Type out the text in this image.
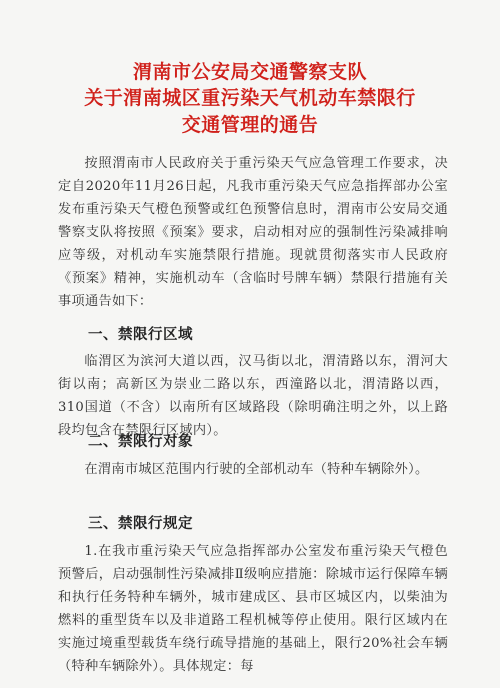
渭南市公安局交通警察支队
关于渭南城区重污染天气机动车禁限行
交通管理的通告
按照渭南市人民政府关于重污染天气应急管理工作要求，决定自2020年11月26日起，凡我市重污染天气应急指挥部办公室发布重污染天气橙色预警或红色预警信息时，渭南市公安局交通警察支队将按照《预案》要求，启动相对应的强制性污染减排响应等级，对机动车实施禁限行措施。现就贯彻落实市人民政府《预案》精神，实施机动车（含临时号牌车辆）禁限行措施有关事项通告如下：
一、禁限行区域
临渭区为滨河大道以西，汉马街以北，渭清路以东，渭河大街以南；高新区为崇业二路以东，西潼路以北，渭清路以西，310国道（不含）以南所有区域路段（除明确注明之外，以上路段均包含在禁限行区域内）。
二、禁限行对象
在渭南市城区范围内行驶的全部机动车（特种车辆除外）。
三、禁限行规定
1.在我市重污染天气应急指挥部办公室发布重污染天气橙色预警后，启动强制性污染减排Ⅱ级响应措施：除城市运行保障车辆和执行任务特种车辆外，城市建成区、县市区城区内，以柴油为燃料的重型货车以及非道路工程机械等停止使用。限行区域内在实施过境重型载货车绕行疏导措施的基础上，限行20%社会车辆（特种车辆除外）。具体规定：每
